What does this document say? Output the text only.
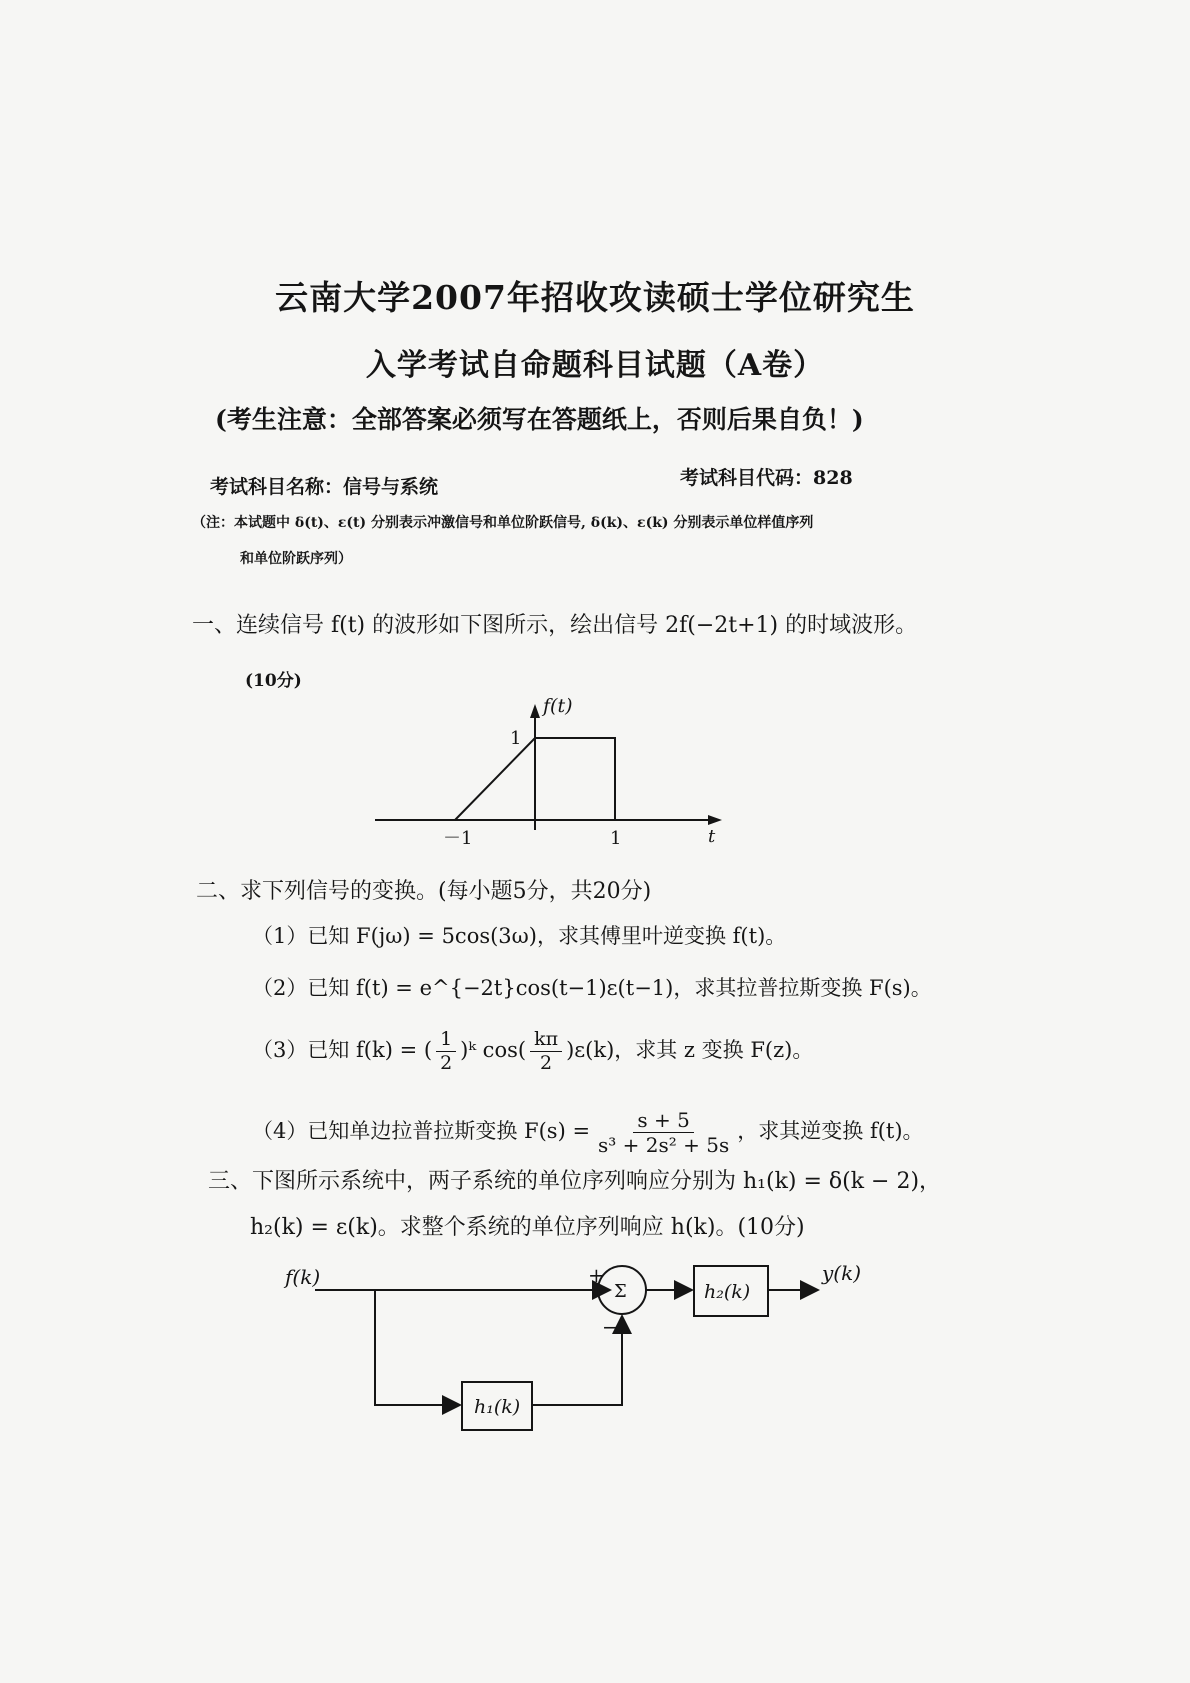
云南大学2007年招收攻读硕士学位研究生
入学考试自命题科目试题（A卷）
(考生注意：全部答案必须写在答题纸上，否则后果自负！)
考试科目名称：信号与系统	考试科目代码：828
（注：本试题中 δ(t)、ε(t) 分别表示冲激信号和单位阶跃信号, δ(k)、ε(k) 分别表示单位样值序列
和单位阶跃序列）
一、连续信号 f(t) 的波形如下图所示，绘出信号 2f(−2t+1) 的时域波形。
(10分)
f(t)
1
－1	1	t
二、求下列信号的变换。(每小题5分，共20分)
（1）已知 F(jω) = 5cos(3ω)，求其傅里叶逆变换 f(t)。
（2）已知 f(t) = e^{−2t}cos(t−1)ε(t−1)，求其拉普拉斯变换 F(s)。
（3）已知 f(k) = ( $\frac{1}{2}$ )ᵏ $\cos( \frac{k\pi}{2} )\varepsilon(k)$，求其 z 变换 F(z)。
（4）已知单边拉普拉斯变换 $F(s) = \frac{s + 5}{\text{s³ + 2s² + 5s}}$ ，求其逆变换 f(t)。
三、下图所示系统中，两子系统的单位序列响应分别为 h₁(k) = δ(k − 2)，
h₂(k) = ε(k)。求整个系统的单位序列响应 h(k)。(10分)
f(k)	y(k)
Σ
+
−
h₁(k)
h₂(k)
